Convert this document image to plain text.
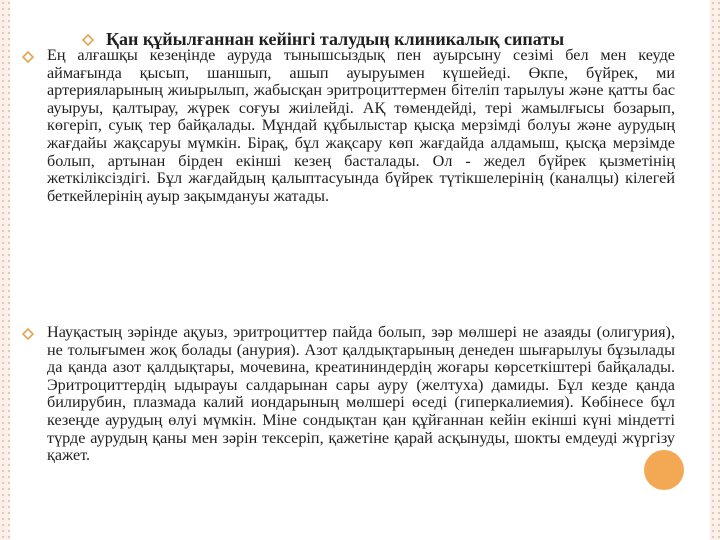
Қан құйылғаннан кейінгі талудың клиникалық сипаты
Ең алғашқы кезеңінде аурудa тынышсыздық пен ауырсыну сезімі бел мен кеуде аймағында қысып, шаншып, ашып ауыруымен күшейеді. Өкпе, бүйрек, ми артерияларының жиырылып, жабысқан эритроциттермен бітеліп тарылуы және қатты бас ауыруы, қалтырау, жүрек соғуы жиілейді. АҚ төмендейді, тері жамылғысы бозарып, көгеріп, суық тер байқалады. Мұндай құбылыстар қысқа мерзімді болуы және аурудың жағдайы жақсаруы мүмкін. Бірақ, бұл жақсару көп жағдайда алдамыш, қысқа мерзімде болып, артынан бірден екінші кезең басталады. Ол - жедел бүйрек қызметінің жеткіліксіздігі. Бұл жағдайдың қалыптасуында бүйрек түтікшелерінің (каналцы) кілегей беткейлерінің ауыр зақымдануы жатады.
Науқастың зәрінде ақуыз, эритроциттер пайда болып, зәр мөлшері не азаяды (олигурия), не толығымен жоқ болады (анурия). Азот қалдықтарының денеден шығарылуы бұзылады да қанда азот қалдықтары, мочевина, креатининдердің жоғары көрсеткіштері байқалады. Эритроциттердің ыдырауы салдарынан сары ауру (желтуха) дамиды. Бұл кезде қанда билирубин, плазмада калий иондарының мөлшері өседі (гиперкалиемия). Көбінесе бұл кезеңде аурудың өлуі мүмкін. Міне сондықтан қан құйғаннан кейін екінші күні міндетті түрде аурудың қаны мен зәрін тексеріп, қажетіне қарай асқынуды, шокты емдеуді жүргізу қажет.
